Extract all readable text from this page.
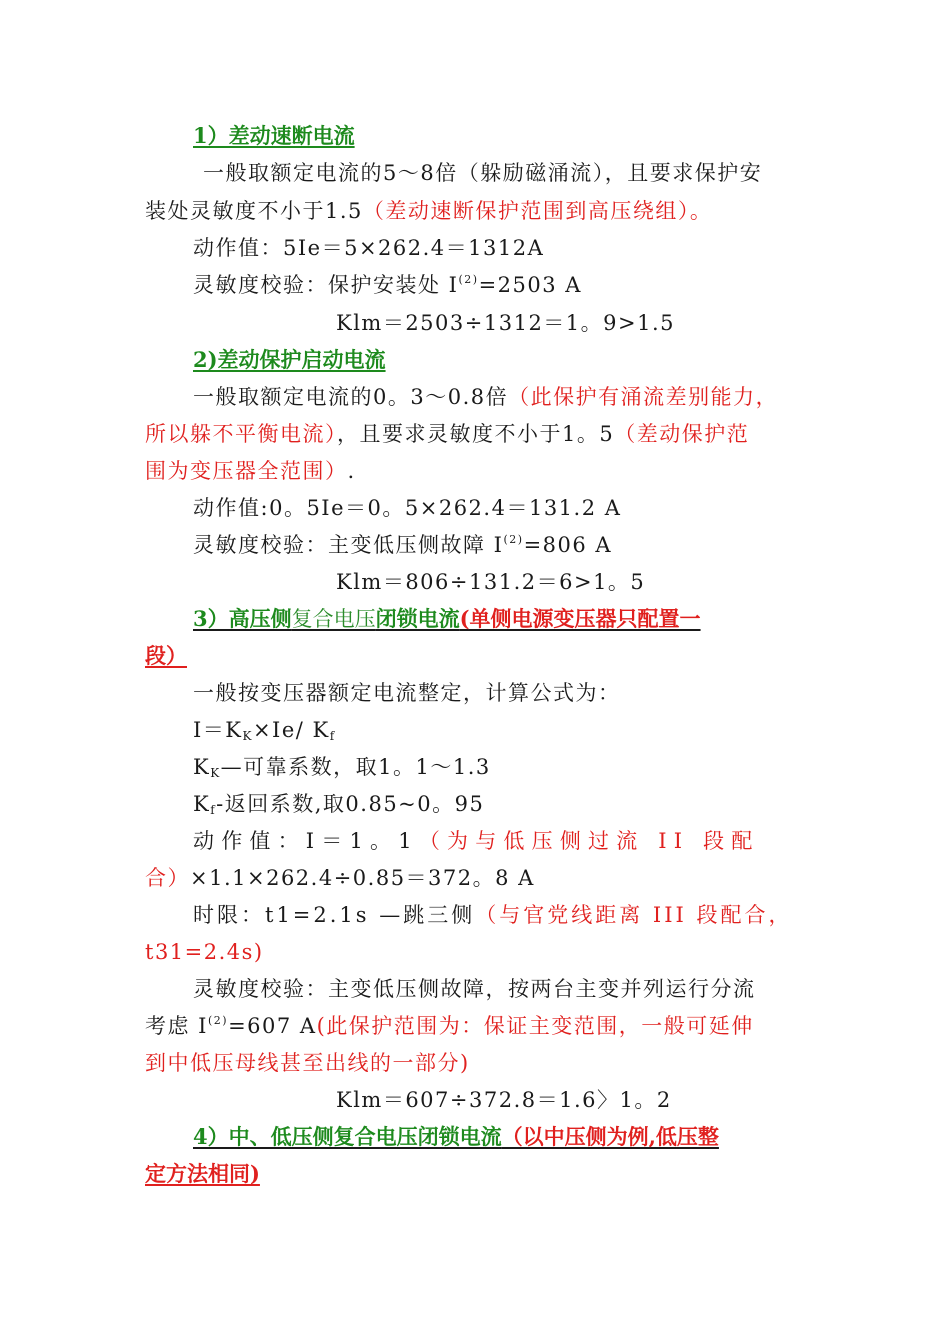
1）差动速断电流
一般取额定电流的5～8倍（躲励磁涌流），且要求保护安
装处灵敏度不小于1.5（差动速断保护范围到高压绕组）。
动作值：5Ie＝5×262.4＝1312A
灵敏度校验：保护安装处 $I^{(2)}=2503$ A
Klm＝2503÷1312＝1。9>1.5
2)差动保护启动电流
一般取额定电流的0。3～0.8倍（此保护有涌流差别能力，
所以躲不平衡电流），且要求灵敏度不小于1。5（差动保护范
围为变压器全范围）.
动作值:0。5Ie＝0。5×262.4＝131.2 A
灵敏度校验：主变低压侧故障 $I^{(2)}=806$ A
Klm＝806÷131.2＝6>1。5
3）高压侧复合电压闭锁电流(单侧电源变压器只配置一
段）
一般按变压器额定电流整定，计算公式为：
$I=K_K\times Ie/$ $K_f$
$K_K—$可靠系数，取1。1～1.3
$K_f-$返回系数,取0.85~0。95
动作值：I＝1。1（为与低压侧过流 II 段配
合）×1.1×262.4÷0.85＝372。8 A
时限：t1=2.1s —跳三侧（与官党线距离 III 段配合，
t31=2.4s)
灵敏度校验：主变低压侧故障，按两台主变并列运行分流
考虑 $I^{(2)}=607$ A(此保护范围为：保证主变范围，一般可延伸
到中低压母线甚至出线的一部分)
Klm＝607÷372.8＝1.6〉1。2
4）中、低压侧复合电压闭锁电流（以中压侧为例,低压整
定方法相同)
